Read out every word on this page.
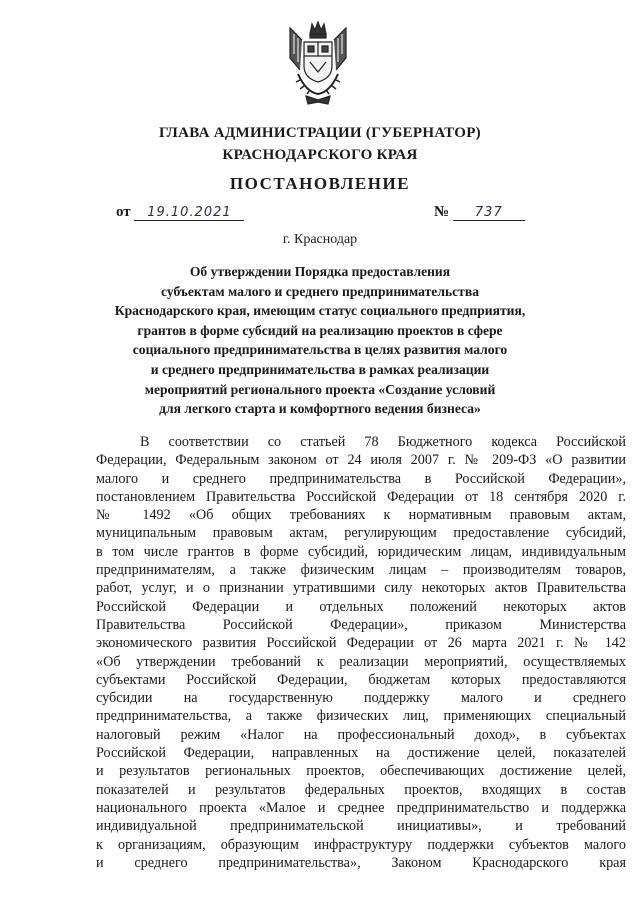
ГЛАВА АДМИНИСТРАЦИИ (ГУБЕРНАТОР)
КРАСНОДАРСКОГО КРАЯ
ПОСТАНОВЛЕНИЕ
от 19.10.2021	№ 737
г. Краснодар
Об утверждении Порядка предоставления
субъектам малого и среднего предпринимательства
Краснодарского края, имеющим статус социального предприятия,
грантов в форме субсидий на реализацию проектов в сфере
социального предпринимательства в целях развития малого
и среднего предпринимательства в рамках реализации
мероприятий регионального проекта «Создание условий
для легкого старта и комфортного ведения бизнеса»
В соответствии со статьей 78 Бюджетного кодекса Российской
Федерации, Федеральным законом от 24 июля 2007 г. № 209-ФЗ «О развитии
малого и среднего предпринимательства в Российской Федерации»,
постановлением Правительства Российской Федерации от 18 сентября 2020 г.
№ 1492 «Об общих требованиях к нормативным правовым актам,
муниципальным правовым актам, регулирующим предоставление субсидий,
в том числе грантов в форме субсидий, юридическим лицам, индивидуальным
предпринимателям, а также физическим лицам – производителям товаров,
работ, услуг, и о признании утратившими силу некоторых актов Правительства
Российской Федерации и отдельных положений некоторых актов
Правительства Российской Федерации», приказом Министерства
экономического развития Российской Федерации от 26 марта 2021 г. № 142
«Об утверждении требований к реализации мероприятий, осуществляемых
субъектами Российской Федерации, бюджетам которых предоставляются
субсидии на государственную поддержку малого и среднего
предпринимательства, а также физических лиц, применяющих специальный
налоговый режим «Налог на профессиональный доход», в субъектах
Российской Федерации, направленных на достижение целей, показателей
и результатов региональных проектов, обеспечивающих достижение целей,
показателей и результатов федеральных проектов, входящих в состав
национального проекта «Малое и среднее предпринимательство и поддержка
индивидуальной предпринимательской инициативы», и требований
к организациям, образующим инфраструктуру поддержки субъектов малого
и среднего предпринимательства», Законом Краснодарского края
